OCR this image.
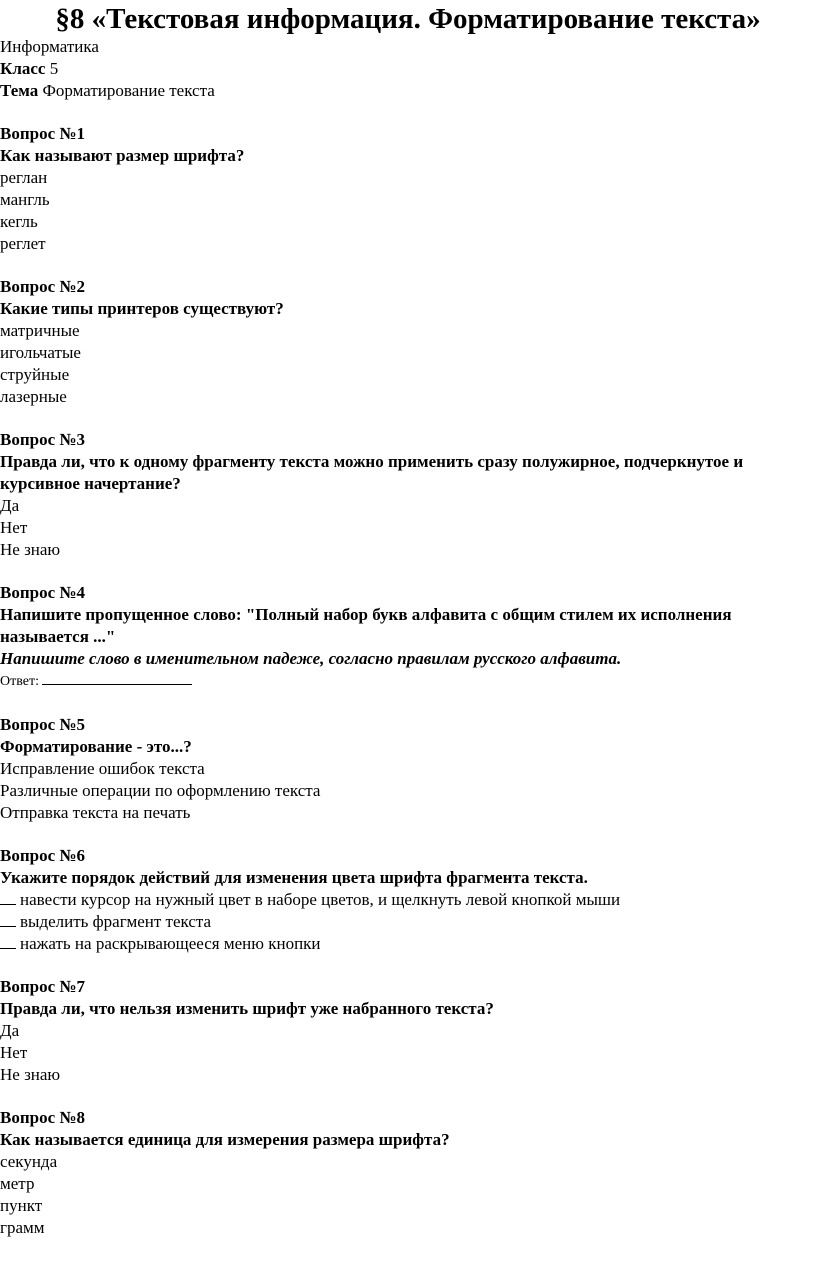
§8 «Текстовая информация. Форматирование текста»
Информатика
Класс 5
Тема Форматирование текста
Вопрос №1
Как называют размер шрифта?
реглан
мангль
кегль
реглет
Вопрос №2
Какие типы принтеров существуют?
матричные
игольчатые
струйные
лазерные
Вопрос №3
Правда ли, что к одному фрагменту текста можно применить сразу полужирное, подчеркнутое и курсивное начертание?
Да
Нет
Не знаю
Вопрос №4
Напишите пропущенное слово: "Полный набор букв алфавита с общим стилем их исполнения называется ..."
Напишите слово в именительном падеже, согласно правилам русского алфавита.
Ответ:
Вопрос №5
Форматирование - это...?
Исправление ошибок текста
Различные операции по оформлению текста
Отправка текста на печать
Вопрос №6
Укажите порядок действий для изменения цвета шрифта фрагмента текста.
навести курсор на нужный цвет в наборе цветов, и щелкнуть левой кнопкой мыши
выделить фрагмент текста
нажать на раскрывающееся меню кнопки
Вопрос №7
Правда ли, что нельзя изменить шрифт уже набранного текста?
Да
Нет
Не знаю
Вопрос №8
Как называется единица для измерения размера шрифта?
секунда
метр
пункт
грамм
